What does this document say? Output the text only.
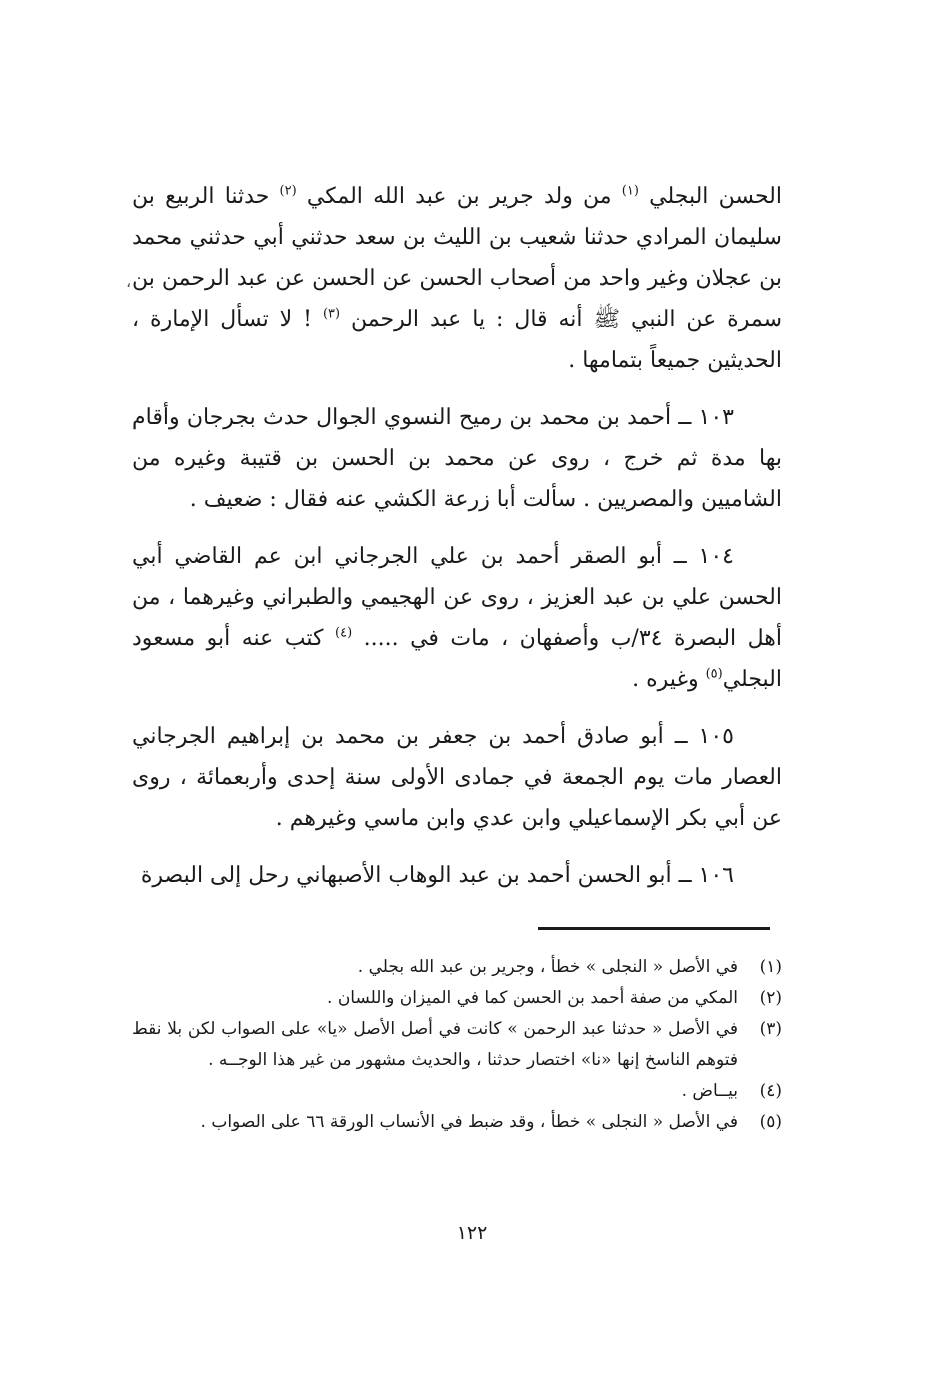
،

الحسن البجلي $^{(١)}$ من ولد جرير بن عبد الله المكي $^{(٢)}$ حدثنا الربيع بن سليمان المرادي حدثنا شعيب بن الليث بن سعد حدثني أبي حدثني محمد بن عجلان وغير واحد من أصحاب الحسن عن الحسن عن عبد الرحمن بن سمرة عن النبي ﷺ أنه قال : يا عبد الرحمن $^{(٣)}$ ! لا تسأل الإمارة ، الحديثين جميعاً بتمامها .

١٠٣ ــ أحمد بن محمد بن رميح النسوي الجوال حدث بجرجان وأقام بها مدة ثم خرج ، روى عن محمد بن الحسن بن قتيبة وغيره من الشاميين والمصريين . سألت أبا زرعة الكشي عنه فقال : ضعيف .

١٠٤ ــ أبو الصقر أحمد بن علي الجرجاني ابن عم القاضي أبي الحسن علي بن عبد العزيز ، روى عن الهجيمي والطبراني وغيرهما ، من أهل البصرة ٣٤/ب وأصفهان ، مات في ..... $^{(٤)}$ كتب عنه أبو مسعود البجلي$^{(٥)}$ وغيره .

١٠٥ ــ أبو صادق أحمد بن جعفر بن محمد بن إبراهيم الجرجاني العصار مات يوم الجمعة في جمادى الأولى سنة إحدى وأربعمائة ، روى عن أبي بكر الإسماعيلي وابن عدي وابن ماسي وغيرهم .

١٠٦ ــ أبو الحسن أحمد بن عبد الوهاب الأصبهاني رحل إلى البصرة

(١)
في الأصل « النجلى » خطأ ، وجرير بن عبد الله بجلي .
(٢)
المكي من صفة أحمد بن الحسن كما في الميزان واللسان .
(٣)
في الأصل « حدثنا عبد الرحمن » كانت في أصل الأصل «يا» على الصواب لكن بلا نقط فتوهم الناسخ إنها «نا» اختصار حدثنا ، والحديث مشهور من غير هذا الوجــه .
(٤)
بيــاض .
(٥)
في الأصل « النجلى » خطأ ، وقد ضبط في الأنساب الورقة ٦٦ على الصواب .
١٢٢
